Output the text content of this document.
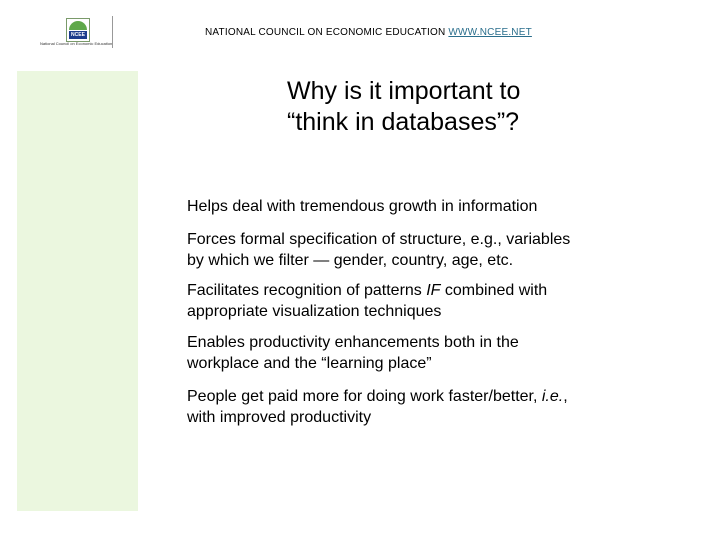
NCEE
National Council on Economic Education
NATIONAL COUNCIL ON ECONOMIC EDUCATION WWW.NCEE.NET
Why is it important to
“think in databases”?
Helps deal with tremendous growth in information
Forces formal specification of structure, e.g., variables
by which we filter — gender, country, age, etc.
Facilitates recognition of patterns IF combined with
appropriate visualization techniques
Enables productivity enhancements both in the
workplace and the “learning place”
People get paid more for doing work faster/better, i.e.,
with improved productivity
